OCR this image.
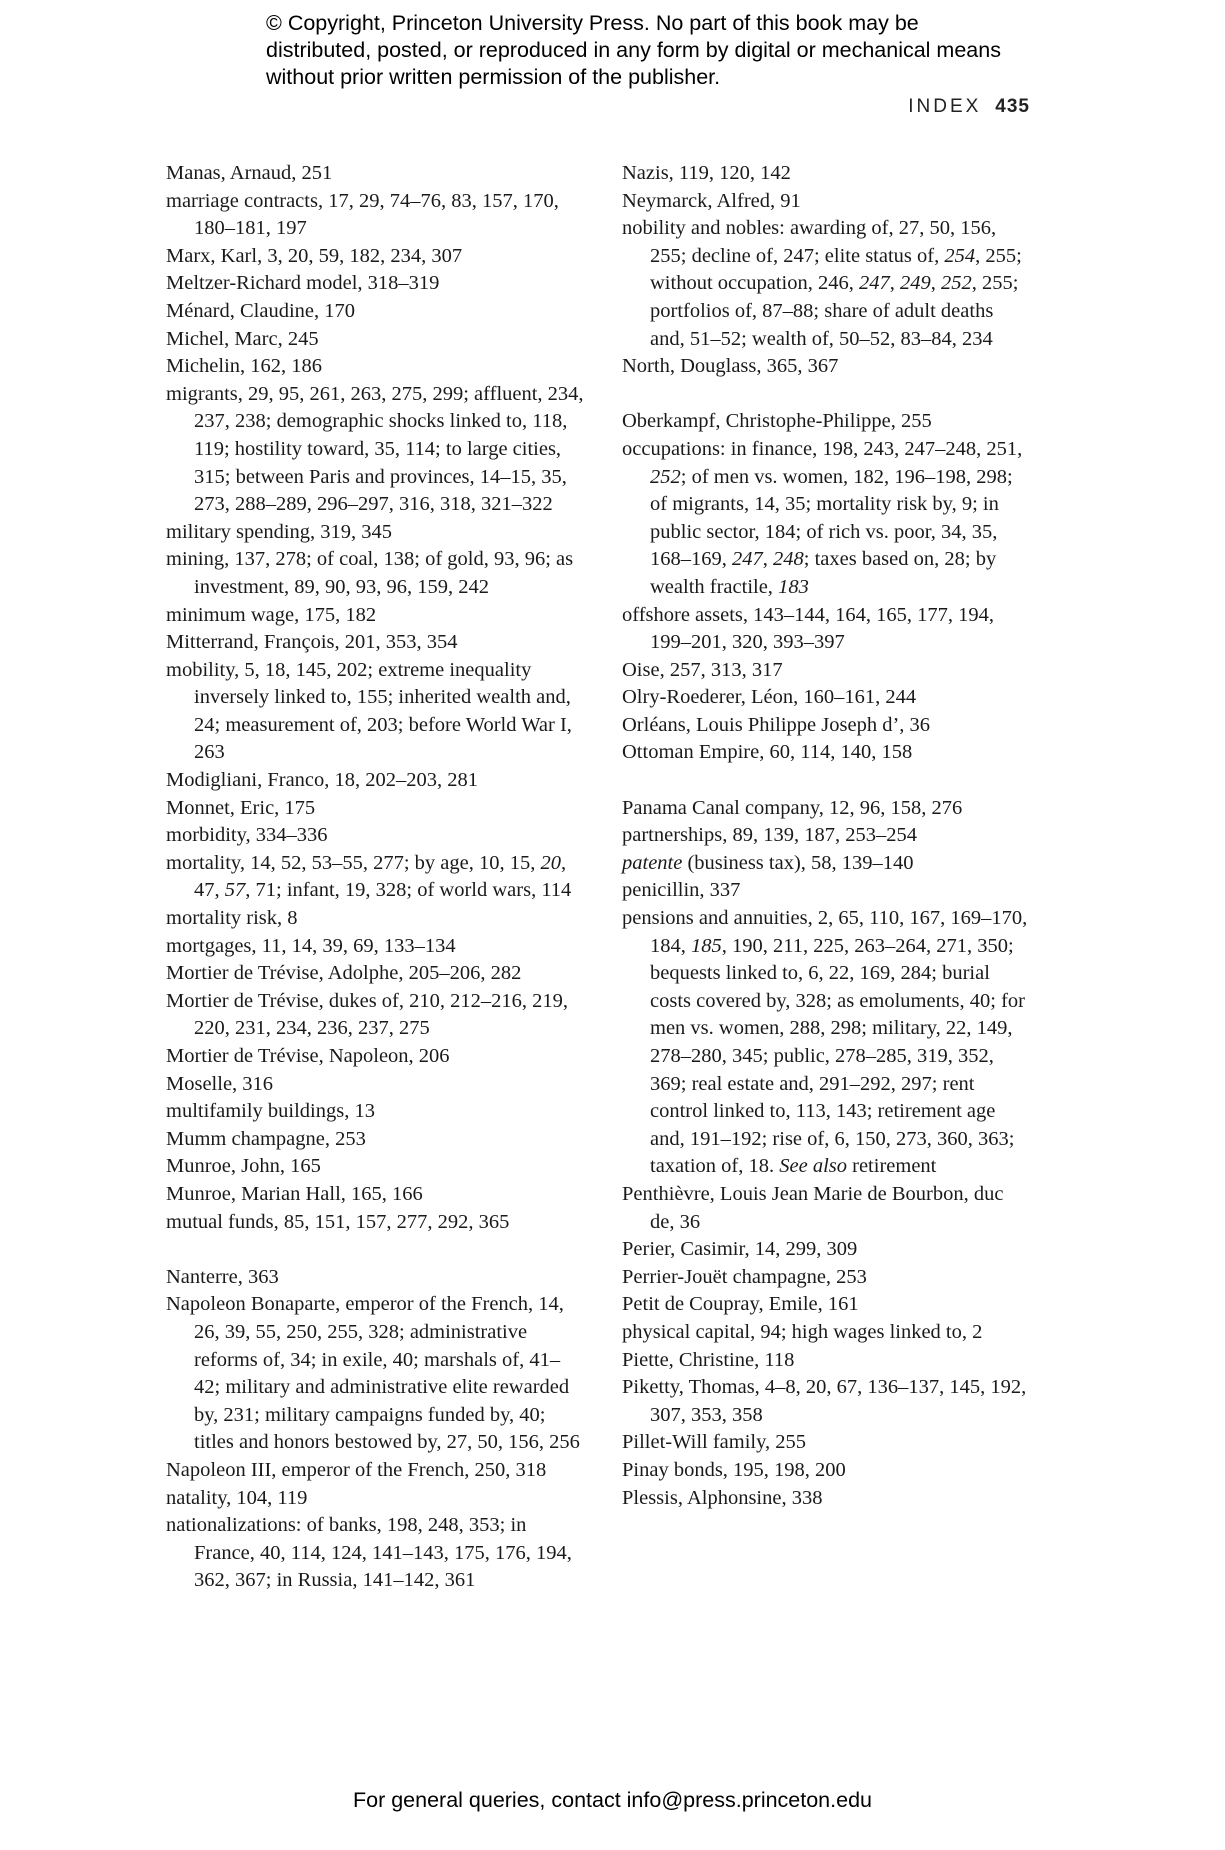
© Copyright, Princeton University Press. No part of this book may be distributed, posted, or reproduced in any form by digital or mechanical means without prior written permission of the publisher.
INDEX 435

Manas, Arnaud, 251

marriage contracts, 17, 29, 74–76, 83, 157, 170, 180–181, 197

Marx, Karl, 3, 20, 59, 182, 234, 307

Meltzer-Richard model, 318–319

Ménard, Claudine, 170

Michel, Marc, 245

Michelin, 162, 186

migrants, 29, 95, 261, 263, 275, 299; affluent, 234, 237, 238; demographic shocks linked to, 118, 119; hostility toward, 35, 114; to large cities, 315; between Paris and provinces, 14–15, 35, 273, 288–289, 296–297, 316, 318, 321–322

military spending, 319, 345

mining, 137, 278; of coal, 138; of gold, 93, 96; as investment, 89, 90, 93, 96, 159, 242

minimum wage, 175, 182

Mitterrand, François, 201, 353, 354

mobility, 5, 18, 145, 202; extreme inequality inversely linked to, 155; inherited wealth and, 24; measurement of, 203; before World War I, 263

Modigliani, Franco, 18, 202–203, 281

Monnet, Eric, 175

morbidity, 334–336

mortality, 14, 52, 53–55, 277; by age, 10, 15, 20, 47, 57, 71; infant, 19, 328; of world wars, 114

mortality risk, 8

mortgages, 11, 14, 39, 69, 133–134

Mortier de Trévise, Adolphe, 205–206, 282

Mortier de Trévise, dukes of, 210, 212–216, 219, 220, 231, 234, 236, 237, 275

Mortier de Trévise, Napoleon, 206

Moselle, 316

multifamily buildings, 13

Mumm champagne, 253

Munroe, John, 165

Munroe, Marian Hall, 165, 166

mutual funds, 85, 151, 157, 277, 292, 365

Nanterre, 363

Napoleon Bonaparte, emperor of the French, 14, 26, 39, 55, 250, 255, 328; administrative reforms of, 34; in exile, 40; marshals of, 41–42; military and administrative elite rewarded by, 231; military campaigns funded by, 40; titles and honors bestowed by, 27, 50, 156, 256

Napoleon III, emperor of the French, 250, 318

natality, 104, 119

nationalizations: of banks, 198, 248, 353; in France, 40, 114, 124, 141–143, 175, 176, 194, 362, 367; in Russia, 141–142, 361

Nazis, 119, 120, 142

Neymarck, Alfred, 91

nobility and nobles: awarding of, 27, 50, 156, 255; decline of, 247; elite status of, 254, 255; without occupation, 246, 247, 249, 252, 255; portfolios of, 87–88; share of adult deaths and, 51–52; wealth of, 50–52, 83–84, 234

North, Douglass, 365, 367

Oberkampf, Christophe-Philippe, 255

occupations: in finance, 198, 243, 247–248, 251, 252; of men vs. women, 182, 196–198, 298; of migrants, 14, 35; mortality risk by, 9; in public sector, 184; of rich vs. poor, 34, 35, 168–169, 247, 248; taxes based on, 28; by wealth fractile, 183

offshore assets, 143–144, 164, 165, 177, 194, 199–201, 320, 393–397

Oise, 257, 313, 317

Olry-Roederer, Léon, 160–161, 244

Orléans, Louis Philippe Joseph d’, 36

Ottoman Empire, 60, 114, 140, 158

Panama Canal company, 12, 96, 158, 276

partnerships, 89, 139, 187, 253–254

patente (business tax), 58, 139–140

penicillin, 337

pensions and annuities, 2, 65, 110, 167, 169–170, 184, 185, 190, 211, 225, 263–264, 271, 350; bequests linked to, 6, 22, 169, 284; burial costs covered by, 328; as emoluments, 40; for men vs. women, 288, 298; military, 22, 149, 278–280, 345; public, 278–285, 319, 352, 369; real estate and, 291–292, 297; rent control linked to, 113, 143; retirement age and, 191–192; rise of, 6, 150, 273, 360, 363; taxation of, 18. See also retirement

Penthièvre, Louis Jean Marie de Bourbon, duc de, 36

Perier, Casimir, 14, 299, 309

Perrier-Jouët champagne, 253

Petit de Coupray, Emile, 161

physical capital, 94; high wages linked to, 2

Piette, Christine, 118

Piketty, Thomas, 4–8, 20, 67, 136–137, 145, 192, 307, 353, 358

Pillet-Will family, 255

Pinay bonds, 195, 198, 200

Plessis, Alphonsine, 338

For general queries, contact info@press.princeton.edu
